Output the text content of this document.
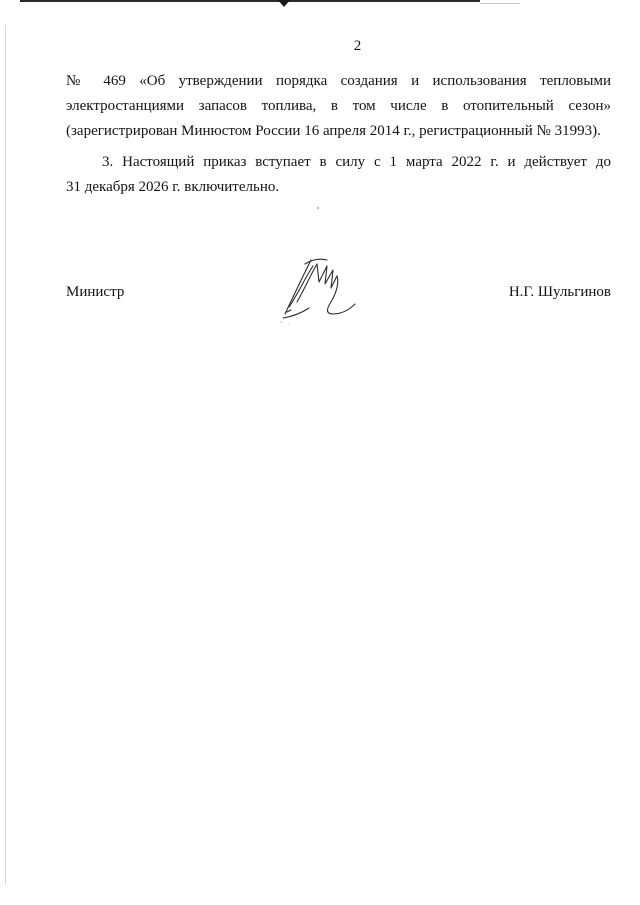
2
№ 469 «Об утверждении порядка создания и использования тепловыми
электростанциями запасов топлива, в том числе в отопительный сезон»
(зарегистрирован Минюстом России 16 апреля 2014 г., регистрационный № 31993).
3. Настоящий приказ вступает в силу с 1 марта 2022 г. и действует до
31 декабря 2026 г. включительно.
Министр	Н.Г. Шульгинов
